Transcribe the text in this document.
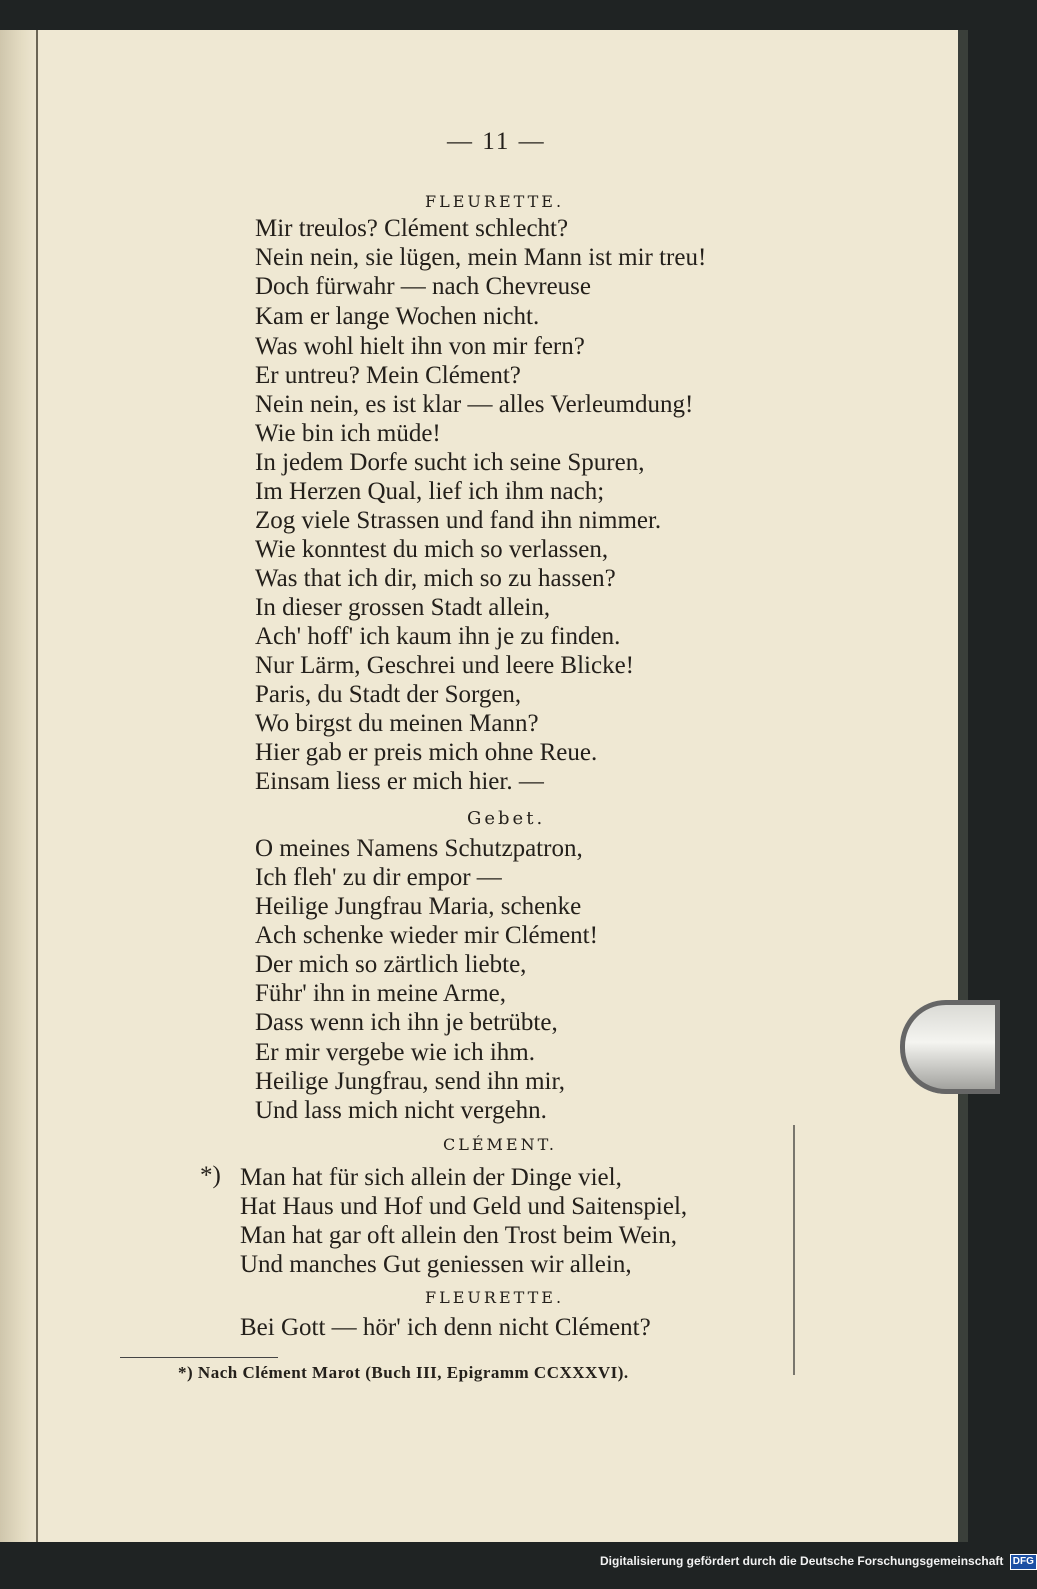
— 11 —
FLEURETTE.
Mir treulos? Clément schlecht?
Nein nein, sie lügen, mein Mann ist mir treu!
Doch fürwahr — nach Chevreuse
Kam er lange Wochen nicht.
Was wohl hielt ihn von mir fern?
Er untreu? Mein Clément?
Nein nein, es ist klar — alles Verleumdung!
Wie bin ich müde!
In jedem Dorfe sucht ich seine Spuren,
Im Herzen Qual, lief ich ihm nach;
Zog viele Strassen und fand ihn nimmer.
Wie konntest du mich so verlassen,
Was that ich dir, mich so zu hassen?
In dieser grossen Stadt allein,
Ach' hoff' ich kaum ihn je zu finden.
Nur Lärm, Geschrei und leere Blicke!
Paris, du Stadt der Sorgen,
Wo birgst du meinen Mann?
Hier gab er preis mich ohne Reue.
Einsam liess er mich hier. —
Gebet.
O meines Namens Schutzpatron,
Ich fleh' zu dir empor —
Heilige Jungfrau Maria, schenke
Ach schenke wieder mir Clément!
Der mich so zärtlich liebte,
Führ' ihn in meine Arme,
Dass wenn ich ihn je betrübte,
Er mir vergebe wie ich ihm.
Heilige Jungfrau, send ihn mir,
Und lass mich nicht vergehn.
CLÉMENT.
*) Man hat für sich allein der Dinge viel,
Hat Haus und Hof und Geld und Saitenspiel,
Man hat gar oft allein den Trost beim Wein,
Und manches Gut geniessen wir allein,
FLEURETTE.
Bei Gott — hör' ich denn nicht Clément?
*) Nach Clément Marot (Buch III, Epigramm CCXXXVI).
Digitalisierung gefördert durch die Deutsche Forschungsgemeinschaft DFG
